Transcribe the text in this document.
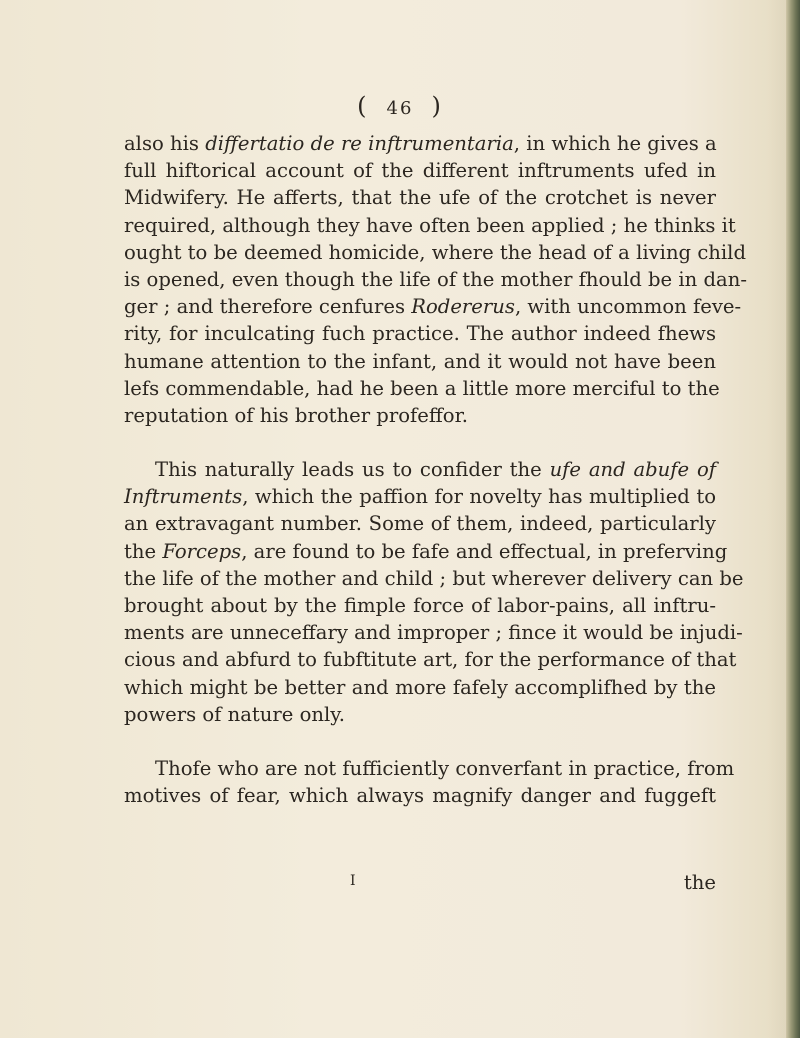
( 46 )
also his differtatio de re inftrumentaria, in which he gives a
full hiftorical account of the different inftruments ufed in
Midwifery. He afferts, that the ufe of the crotchet is never
required, although they have often been applied ; he thinks it
ought to be deemed homicide, where the head of a living child
is opened, even though the life of the mother fhould be in dan-
ger ; and therefore cenfures Rodererus, with uncommon feve-
rity, for inculcating fuch practice. The author indeed fhews
humane attention to the infant, and it would not have been
lefs commendable, had he been a little more merciful to the
reputation of his brother profeffor.
This naturally leads us to confider the ufe and abufe of
Inftruments, which the paffion for novelty has multiplied to
an extravagant number. Some of them, indeed, particularly
the Forceps, are found to be fafe and effectual, in preferving
the life of the mother and child ; but wherever delivery can be
brought about by the fimple force of labor-pains, all inftru-
ments are unneceffary and improper ; fince it would be injudi-
cious and abfurd to fubftitute art, for the performance of that
which might be better and more fafely accomplifhed by the
powers of nature only.
Thofe who are not fufficiently converfant in practice, from
motives of fear, which always magnify danger and fuggeft
I	the
